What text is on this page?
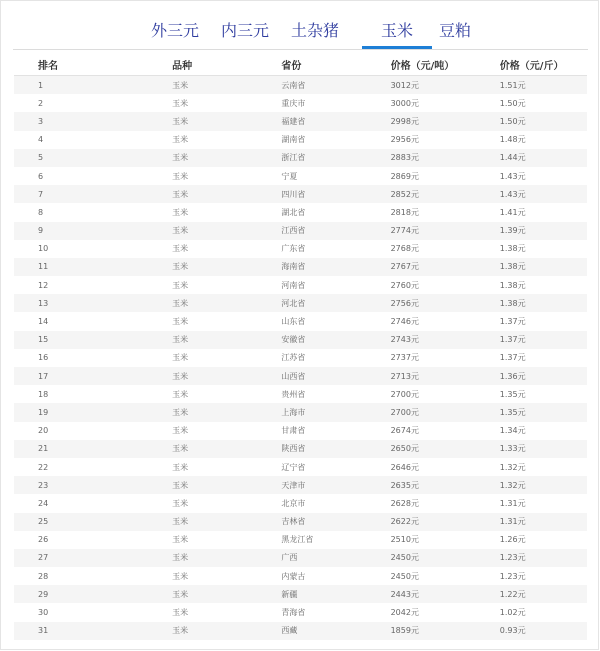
外三元 内三元 土杂猪	玉米 豆粕
排名	品种	省份	价格（元/吨）	价格（元/斤）
1	玉米	云南省	3012元	1.51元
2	玉米	重庆市	3000元	1.50元
3	玉米	福建省	2998元	1.50元
4	玉米	湖南省	2956元	1.48元
5	玉米	浙江省	2883元	1.44元
6	玉米	宁夏	2869元	1.43元
7	玉米	四川省	2852元	1.43元
8	玉米	湖北省	2818元	1.41元
9	玉米	江西省	2774元	1.39元
10	玉米	广东省	2768元	1.38元
11	玉米	海南省	2767元	1.38元
12	玉米	河南省	2760元	1.38元
13	玉米	河北省	2756元	1.38元
14	玉米	山东省	2746元	1.37元
15	玉米	安徽省	2743元	1.37元
16	玉米	江苏省	2737元	1.37元
17	玉米	山西省	2713元	1.36元
18	玉米	贵州省	2700元	1.35元
19	玉米	上海市	2700元	1.35元
20	玉米	甘肃省	2674元	1.34元
21	玉米	陕西省	2650元	1.33元
22	玉米	辽宁省	2646元	1.32元
23	玉米	天津市	2635元	1.32元
24	玉米	北京市	2628元	1.31元
25	玉米	吉林省	2622元	1.31元
26	玉米	黑龙江省	2510元	1.26元
27	玉米	广西	2450元	1.23元
28	玉米	内蒙古	2450元	1.23元
29	玉米	新疆	2443元	1.22元
30	玉米	青海省	2042元	1.02元
31	玉米	西藏	1859元	0.93元
